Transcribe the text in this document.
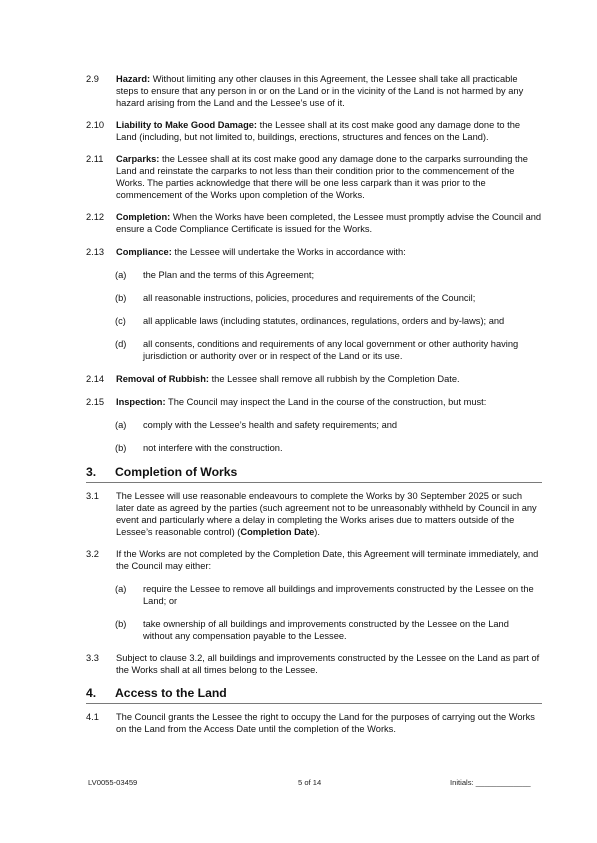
2.9	Hazard: Without limiting any other clauses in this Agreement, the Lessee shall take all practicable steps to ensure that any person in or on the Land or in the vicinity of the Land is not harmed by any hazard arising from the Land and the Lessee’s use of it.
2.10	Liability to Make Good Damage: the Lessee shall at its cost make good any damage done to the Land (including, but not limited to, buildings, erections, structures and fences on the Land).
2.11	Carparks: the Lessee shall at its cost make good any damage done to the carparks surrounding the Land and reinstate the carparks to not less than their condition prior to the commencement of the Works. The parties acknowledge that there will be one less carpark than it was prior to the commencement of the Works upon completion of the Works.
2.12	Completion: When the Works have been completed, the Lessee must promptly advise the Council and ensure a Code Compliance Certificate is issued for the Works.
2.13	Compliance: the Lessee will undertake the Works in accordance with:
(a)	the Plan and the terms of this Agreement;
(b)	all reasonable instructions, policies, procedures and requirements of the Council;
(c)	all applicable laws (including statutes, ordinances, regulations, orders and by-laws); and
(d)	all consents, conditions and requirements of any local government or other authority having jurisdiction or authority over or in respect of the Land or its use.
2.14	Removal of Rubbish: the Lessee shall remove all rubbish by the Completion Date.
2.15	Inspection: The Council may inspect the Land in the course of the construction, but must:
(a)	comply with the Lessee’s health and safety requirements; and
(b)	not interfere with the construction.
3. Completion of Works
3.1	The Lessee will use reasonable endeavours to complete the Works by 30 September 2025 or such later date as agreed by the parties (such agreement not to be unreasonably withheld by Council in any event and particularly where a delay in completing the Works arises due to matters outside of the Lessee’s reasonable control) (Completion Date).
3.2	If the Works are not completed by the Completion Date, this Agreement will terminate immediately, and the Council may either:
(a)	require the Lessee to remove all buildings and improvements constructed by the Lessee on the Land; or
(b)	take ownership of all buildings and improvements constructed by the Lessee on the Land without any compensation payable to the Lessee.
3.3	Subject to clause 3.2, all buildings and improvements constructed by the Lessee on the Land as part of the Works shall at all times belong to the Lessee.
4. Access to the Land
4.1	The Council grants the Lessee the right to occupy the Land for the purposes of carrying out the Works on the Land from the Access Date until the completion of the Works.
LV0055-03459	5 of 14	Initials: _____________
